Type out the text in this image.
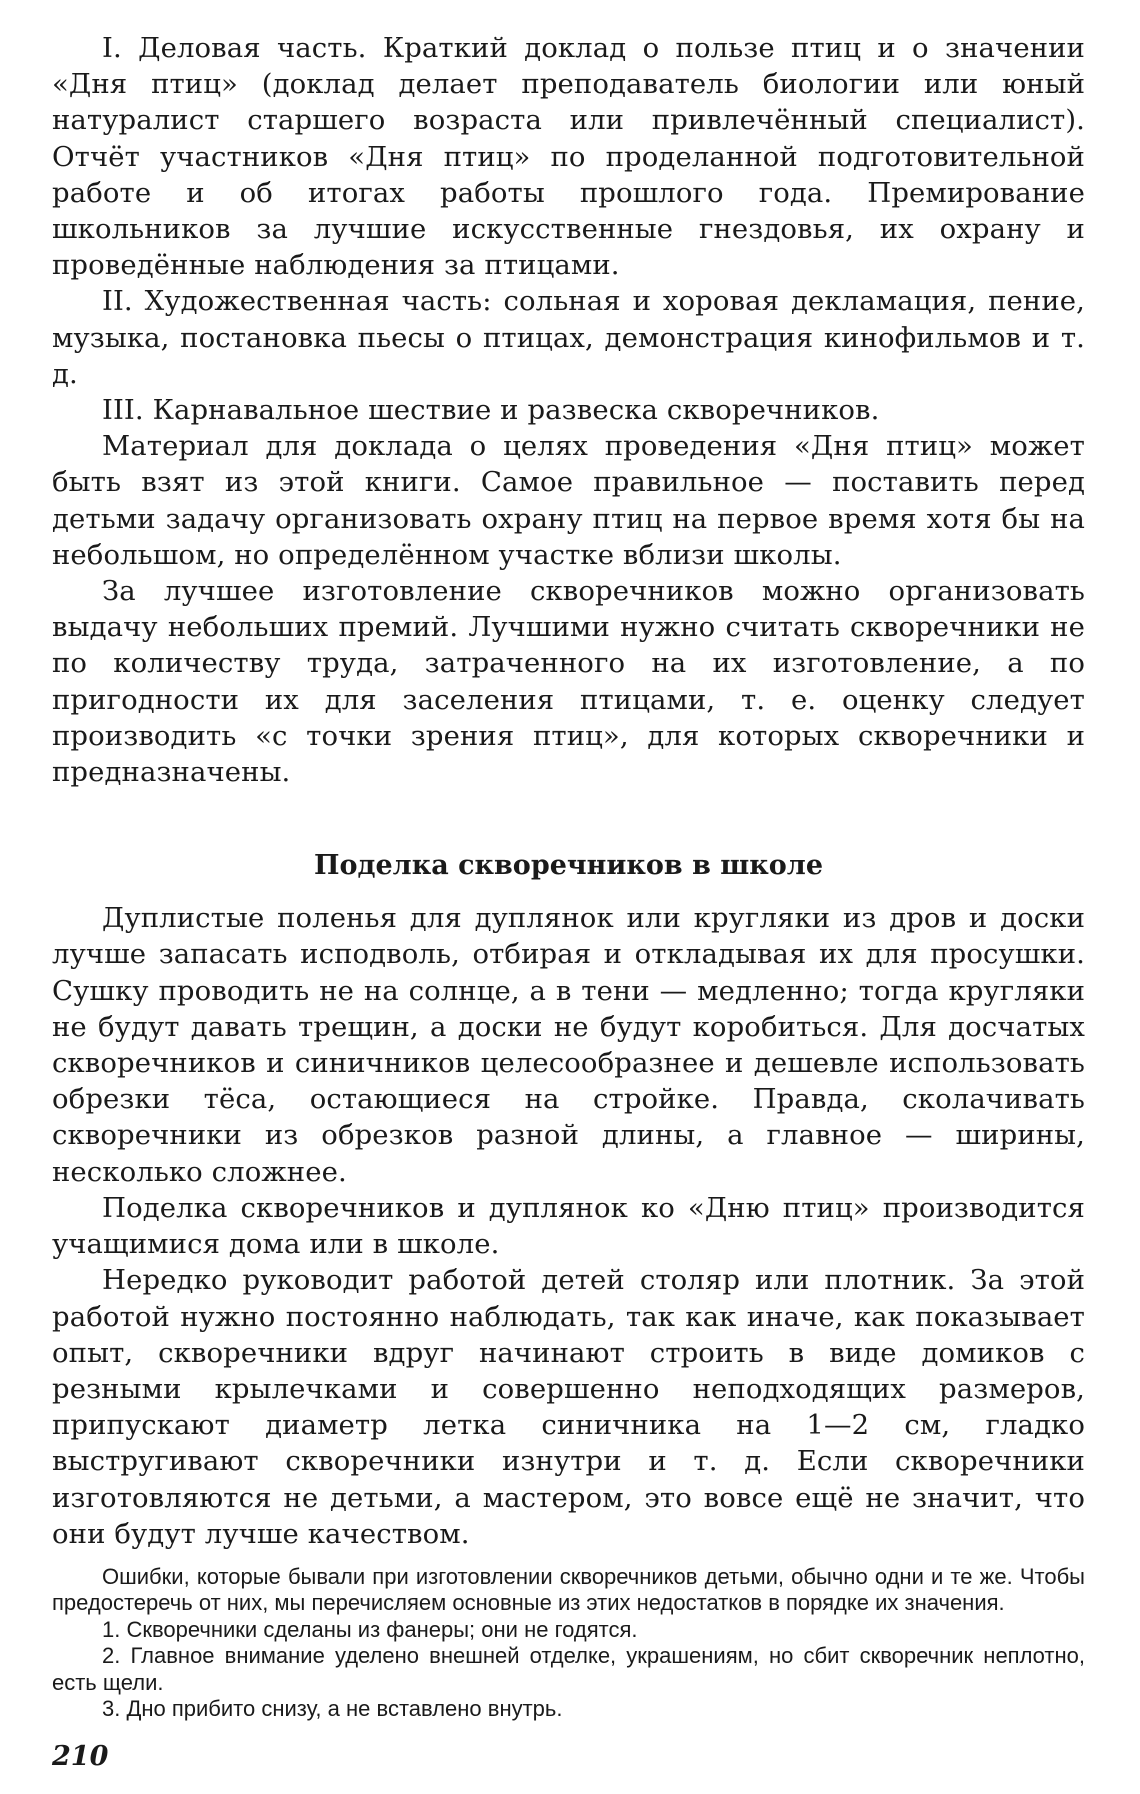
I. Деловая часть. Краткий доклад о пользе птиц и о значении «Дня птиц» (доклад делает преподаватель биологии или юный натуралист старшего возраста или привлечённый специалист). Отчёт участников «Дня птиц» по проделанной подготовительной работе и об итогах работы прошлого года. Премирование школьников за лучшие искусственные гнездовья, их охрану и проведённые наблюдения за птицами.

II. Художественная часть: сольная и хоровая декламация, пение, музыка, постановка пьесы о птицах, демонстрация кинофильмов и т. д.

III. Карнавальное шествие и развеска скворечников.

Материал для доклада о целях проведения «Дня птиц» может быть взят из этой книги. Самое правильное — поставить перед детьми задачу организовать охрану птиц на первое время хотя бы на небольшом, но определённом участке вблизи школы.

За лучшее изготовление скворечников можно организовать выдачу небольших премий. Лучшими нужно считать скворечники не по количеству труда, затраченного на их изготовление, а по пригодности их для заселения птицами, т. е. оценку следует производить «с точки зрения птиц», для которых скворечники и предназначены.

Поделка скворечников в школе

Дуплистые поленья для дуплянок или кругляки из дров и доски лучше запасать исподволь, отбирая и откладывая их для просушки. Сушку проводить не на солнце, а в тени — медленно; тогда кругляки не будут давать трещин, а доски не будут коробиться. Для досчатых скворечников и синичников целесообразнее и дешевле использовать обрезки тёса, остающиеся на стройке. Правда, сколачивать скворечники из обрезков разной длины, а главное — ширины, несколько сложнее.

Поделка скворечников и дуплянок ко «Дню птиц» производится учащимися дома или в школе.

Нередко руководит работой детей столяр или плотник. За этой работой нужно постоянно наблюдать, так как иначе, как показывает опыт, скворечники вдруг начинают строить в виде домиков с резными крылечками и совершенно неподходящих размеров, припускают диаметр летка синичника на 1—2 см, гладко выстругивают скворечники изнутри и т. д. Если скворечники изготовляются не детьми, а мастером, это вовсе ещё не значит, что они будут лучше качеством.

Ошибки, которые бывали при изготовлении скворечников детьми, обычно одни и те же. Чтобы предостеречь от них, мы перечисляем основные из этих недостатков в порядке их значения.

1. Скворечники сделаны из фанеры; они не годятся.

2. Главное внимание уделено внешней отделке, украшениям, но сбит скворечник неплотно, есть щели.

3. Дно прибито снизу, а не вставлено внутрь.

210
